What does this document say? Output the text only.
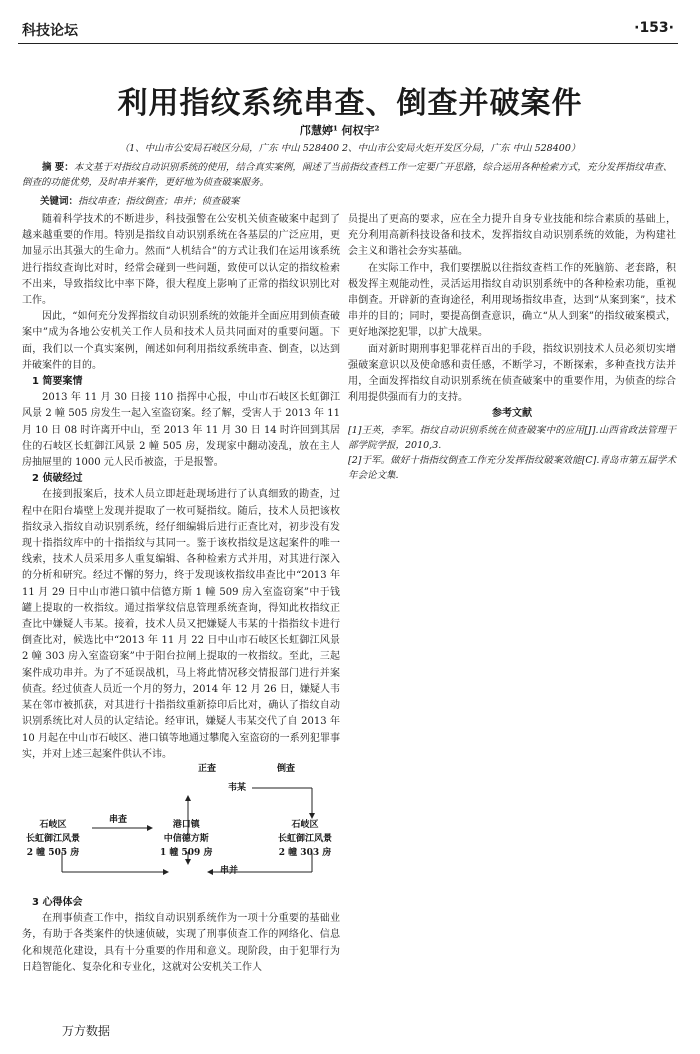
科技论坛	·153·
利用指纹系统串查、倒查并破案件
邝慧婷¹ 何权宇²
（1、中山市公安局石岐区分局，广东 中山 528400 2、中山市公安局火炬开发区分局，广东 中山 528400）
摘 要：本文基于对指纹自动识别系统的使用，结合真实案例，阐述了当前指纹查档工作一定要广开思路，综合运用各种检索方式，充分发挥指纹串查、倒查的功能优势，及时串并案件，更好地为侦查破案服务。
关键词：指纹串查；指纹倒查；串并；侦查破案

随着科学技术的不断进步，科技强警在公安机关侦查破案中起到了越来越重要的作用。特别是指纹自动识别系统在各基层的广泛应用，更加显示出其强大的生命力。然而“人机结合”的方式让我们在运用该系统进行指纹查询比对时，经常会碰到一些问题，致使可以认定的指纹检索不出来，导致指纹比中率下降，很大程度上影响了正常的指纹识别比对工作。

因此，“如何充分发挥指纹自动识别系统的效能并全面应用到侦查破案中”成为各地公安机关工作人员和技术人员共同面对的重要问题。下面，我们以一个真实案例，阐述如何利用指纹系统串查、倒查，以达到并破案件的目的。

1 简要案情

2013 年 11 月 30 日接 110 指挥中心报，中山市石岐区长虹御江风景 2 幢 505 房发生一起入室盗窃案。经了解，受害人于 2013 年 11 月 10 日 08 时许离开中山，至 2013 年 11 月 30 日 14 时许回到其居住的石岐区长虹御江风景 2 幢 505 房，发现家中翻动凌乱，放在主人房抽屉里的 1000 元人民币被盗，于是报警。

2 侦破经过

在接到报案后，技术人员立即赶赴现场进行了认真细致的勘查，过程中在阳台墙壁上发现并提取了一枚可疑指纹。随后，技术人员把该枚指纹录入指纹自动识别系统，经仔细编辑后进行正查比对，初步没有发现十指指纹库中的十指指纹与其同一。鉴于该枚指纹是这起案件的唯一线索，技术人员采用多人重复编辑、各种检索方式并用，对其进行深入的分析和研究。经过不懈的努力，终于发现该枚指纹串查比中“2013 年 11 月 29 日中山市港口镇中信德方斯 1 幢 509 房入室盗窃案”中于钱罐上提取的一枚指纹。通过指掌纹信息管理系统查询，得知此枚指纹正查比中嫌疑人韦某。接着，技术人员又把嫌疑人韦某的十指指纹卡进行倒查比对，候选比中“2013 年 11 月 22 日中山市石岐区长虹御江风景 2 幢 303 房入室盗窃案”中于阳台拉闸上提取的一枚指纹。至此，三起案件成功串并。为了不延误战机，马上将此情况移交情报部门进行并案侦查。经过侦查人员近一个月的努力，2014 年 12 月 26 日，嫌疑人韦某在邻市被抓获，对其进行十指指纹重新捺印后比对，确认了指纹自动识别系统比对人员的认定结论。经审讯，嫌疑人韦某交代了自 2013 年 10 月起在中山市石岐区、港口镇等地通过攀爬入室盗窃的一系列犯罪事实，并对上述三起案件供认不讳。

正查	倒查
韦某
串查
石岐区
长虹御江风景
2 幢 505 房
港口镇
中信德方斯
1 幢 509 房
石岐区
长虹御江风景
2 幢 303 房
串并
3 心得体会

在刑事侦查工作中，指纹自动识别系统作为一项十分重要的基础业务，有助于各类案件的快速侦破，实现了刑事侦查工作的网络化、信息化和规范化建设，具有十分重要的作用和意义。现阶段，由于犯罪行为日趋智能化、复杂化和专业化，这就对公安机关工作人

员提出了更高的要求，应在全力提升自身专业技能和综合素质的基础上，充分利用高新科技设备和技术，发挥指纹自动识别系统的效能，为构建社会主义和谐社会夯实基础。

在实际工作中，我们要摆脱以往指纹查档工作的死脑筋、老套路，积极发挥主观能动性，灵活运用指纹自动识别系统中的各种检索功能，重视串倒查。开辟新的查询途径，利用现场指纹串查，达到“从案到案”，技术串并的目的；同时，要提高倒查意识，确立“从人到案”的指纹破案模式，更好地深挖犯罪，以扩大战果。

面对新时期刑事犯罪花样百出的手段，指纹识别技术人员必须切实增强破案意识以及使命感和责任感，不断学习，不断探索，多种查找方法并用，全面发挥指纹自动识别系统在侦查破案中的重要作用，为侦查的综合利用提供强而有力的支持。

参考文献

[1]王英，李军。指纹自动识别系统在侦查破案中的应用[J].山西省政法管理干部学院学报，2010,3.

[2]于军。做好十指指纹倒查工作充分发挥指纹破案效能[C].青岛市第五届学术年会论文集.

万方数据
